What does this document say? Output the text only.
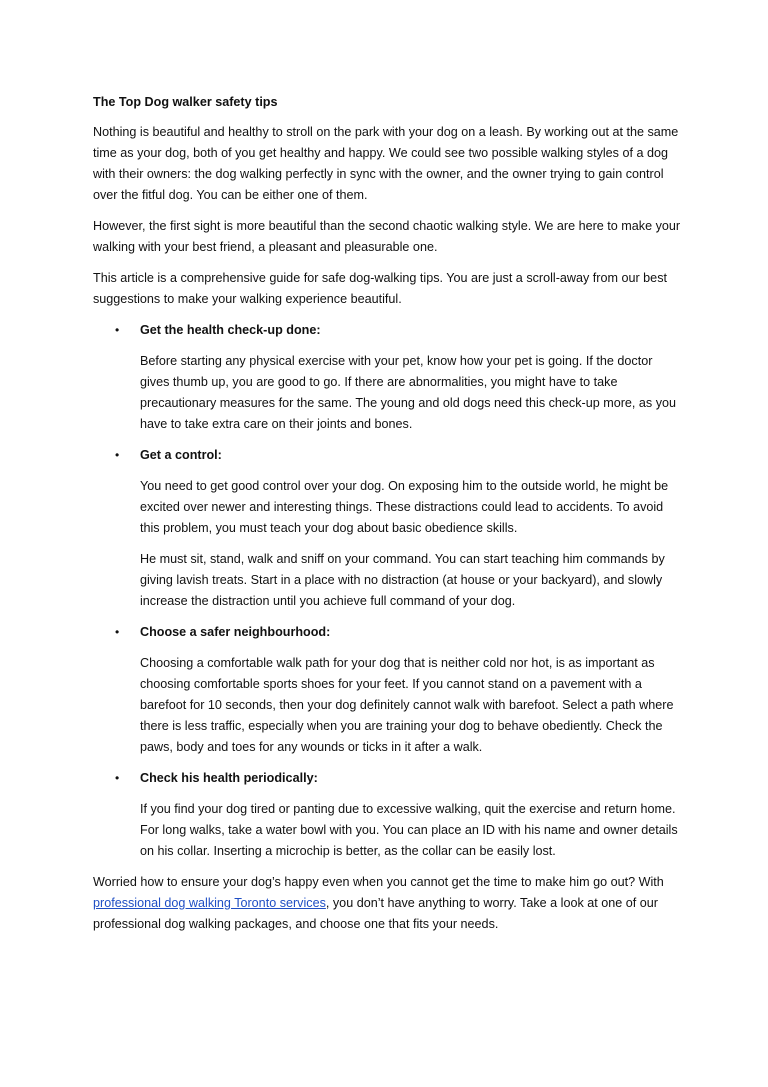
The Top Dog walker safety tips

Nothing is beautiful and healthy to stroll on the park with your dog on a leash. By working out at the same time as your dog, both of you get healthy and happy. We could see two possible walking styles of a dog with their owners: the dog walking perfectly in sync with the owner, and the owner trying to gain control over the fitful dog. You can be either one of them.

However, the first sight is more beautiful than the second chaotic walking style. We are here to make your walking with your best friend, a pleasant and pleasurable one.

This article is a comprehensive guide for safe dog-walking tips. You are just a scroll-away from our best suggestions to make your walking experience beautiful.

• Get the health check-up done:

Before starting any physical exercise with your pet, know how your pet is going. If the doctor gives thumb up, you are good to go. If there are abnormalities, you might have to take precautionary measures for the same. The young and old dogs need this check-up more, as you have to take extra care on their joints and bones.

• Get a control:

You need to get good control over your dog. On exposing him to the outside world, he might be excited over newer and interesting things. These distractions could lead to accidents. To avoid this problem, you must teach your dog about basic obedience skills.

He must sit, stand, walk and sniff on your command. You can start teaching him commands by giving lavish treats. Start in a place with no distraction (at house or your backyard), and slowly increase the distraction until you achieve full command of your dog.

• Choose a safer neighbourhood:

Choosing a comfortable walk path for your dog that is neither cold nor hot, is as important as choosing comfortable sports shoes for your feet. If you cannot stand on a pavement with a barefoot for 10 seconds, then your dog definitely cannot walk with barefoot. Select a path where there is less traffic, especially when you are training your dog to behave obediently. Check the paws, body and toes for any wounds or ticks in it after a walk.

• Check his health periodically:

If you find your dog tired or panting due to excessive walking, quit the exercise and return home. For long walks, take a water bowl with you. You can place an ID with his name and owner details on his collar. Inserting a microchip is better, as the collar can be easily lost.

Worried how to ensure your dog’s happy even when you cannot get the time to make him go out? With professional dog walking Toronto services, you don’t have anything to worry. Take a look at one of our professional dog walking packages, and choose one that fits your needs.
